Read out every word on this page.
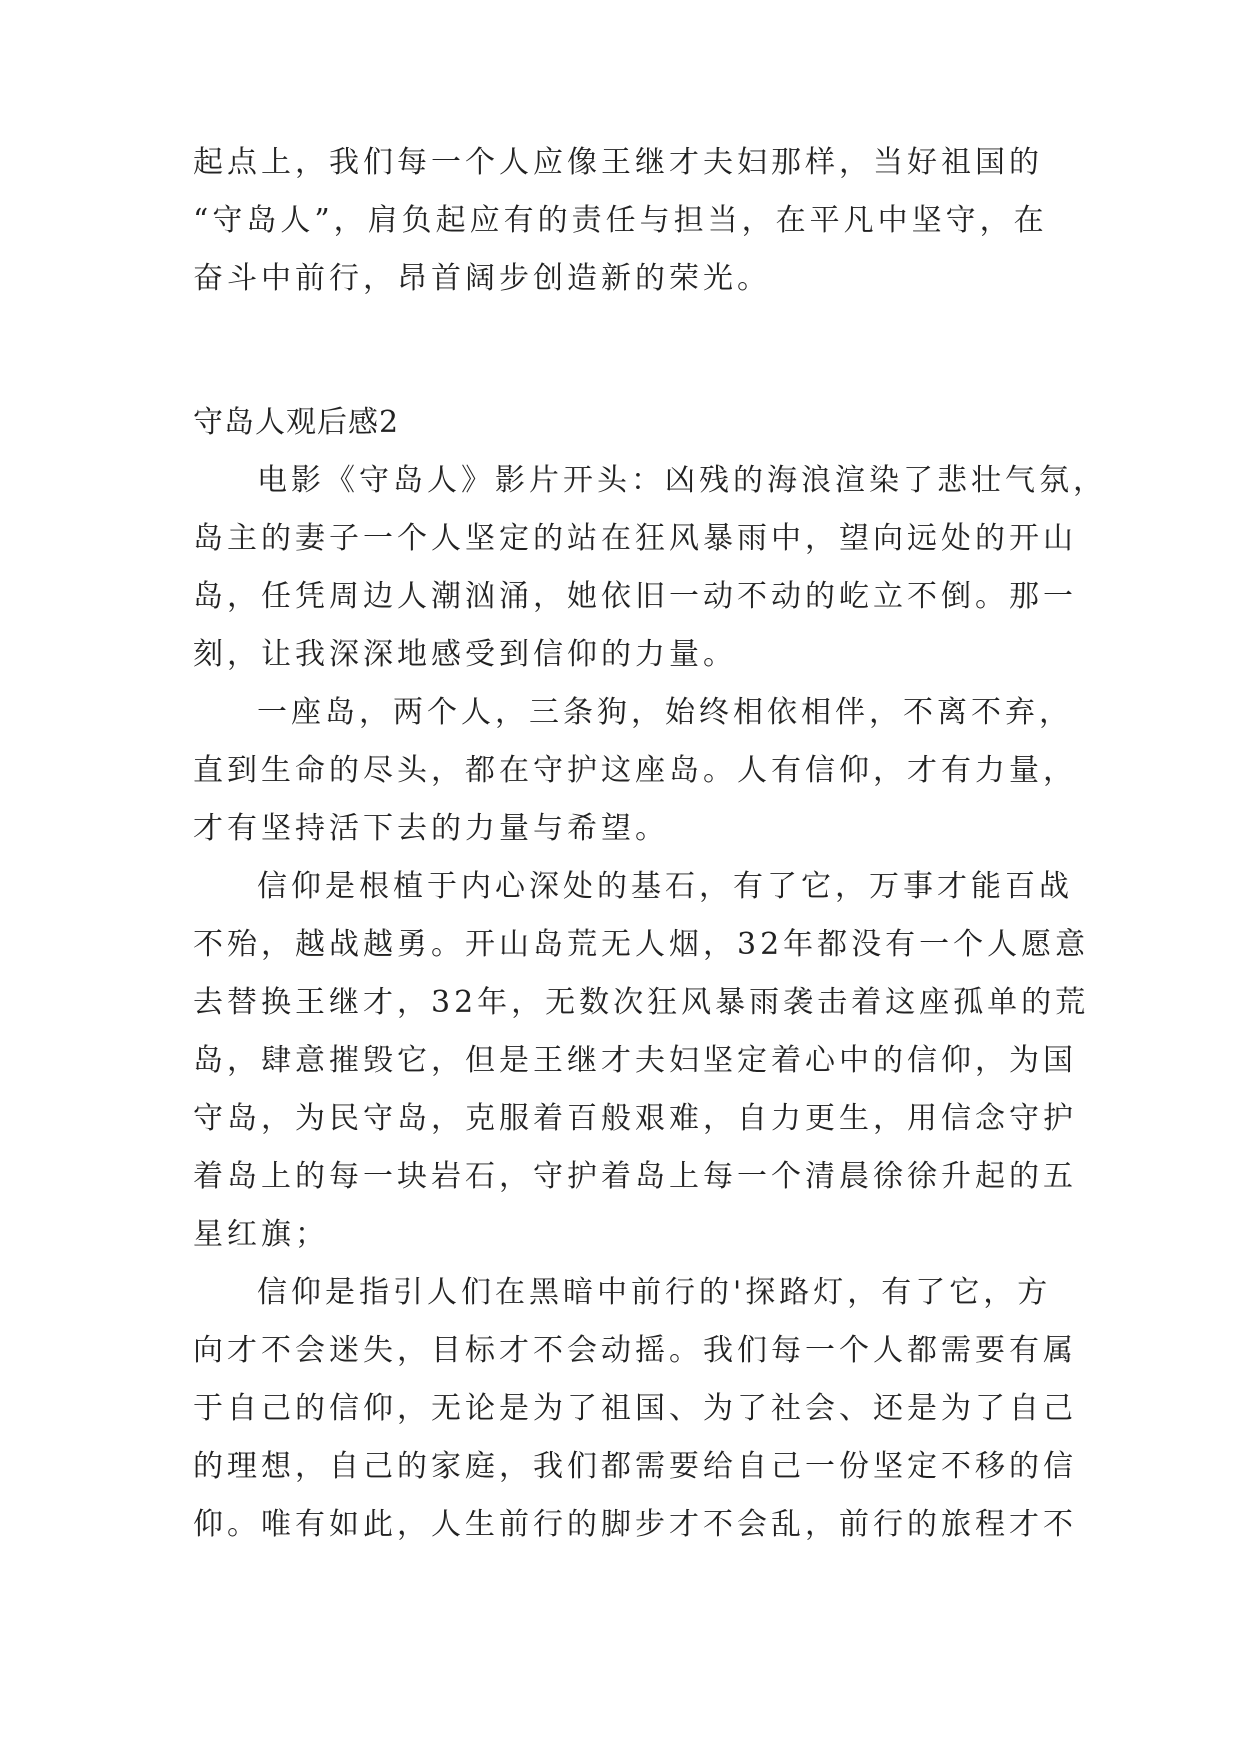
起点上，我们每一个人应像王继才夫妇那样，当好祖国的
“守岛人”，肩负起应有的责任与担当，在平凡中坚守，在
奋斗中前行，昂首阔步创造新的荣光。
守岛人观后感2
电影《守岛人》影片开头：凶残的海浪渲染了悲壮气氛，
岛主的妻子一个人坚定的站在狂风暴雨中，望向远处的开山
岛，任凭周边人潮汹涌，她依旧一动不动的屹立不倒。那一
刻，让我深深地感受到信仰的力量。
一座岛，两个人，三条狗，始终相依相伴，不离不弃，
直到生命的尽头，都在守护这座岛。人有信仰，才有力量，
才有坚持活下去的力量与希望。
信仰是根植于内心深处的基石，有了它，万事才能百战
不殆，越战越勇。开山岛荒无人烟，32年都没有一个人愿意
去替换王继才，32年，无数次狂风暴雨袭击着这座孤单的荒
岛，肆意摧毁它，但是王继才夫妇坚定着心中的信仰，为国
守岛，为民守岛，克服着百般艰难，自力更生，用信念守护
着岛上的每一块岩石，守护着岛上每一个清晨徐徐升起的五
星红旗；
信仰是指引人们在黑暗中前行的'探路灯，有了它，方
向才不会迷失，目标才不会动摇。我们每一个人都需要有属
于自己的信仰，无论是为了祖国、为了社会、还是为了自己
的理想，自己的家庭，我们都需要给自己一份坚定不移的信
仰。唯有如此，人生前行的脚步才不会乱，前行的旅程才不
